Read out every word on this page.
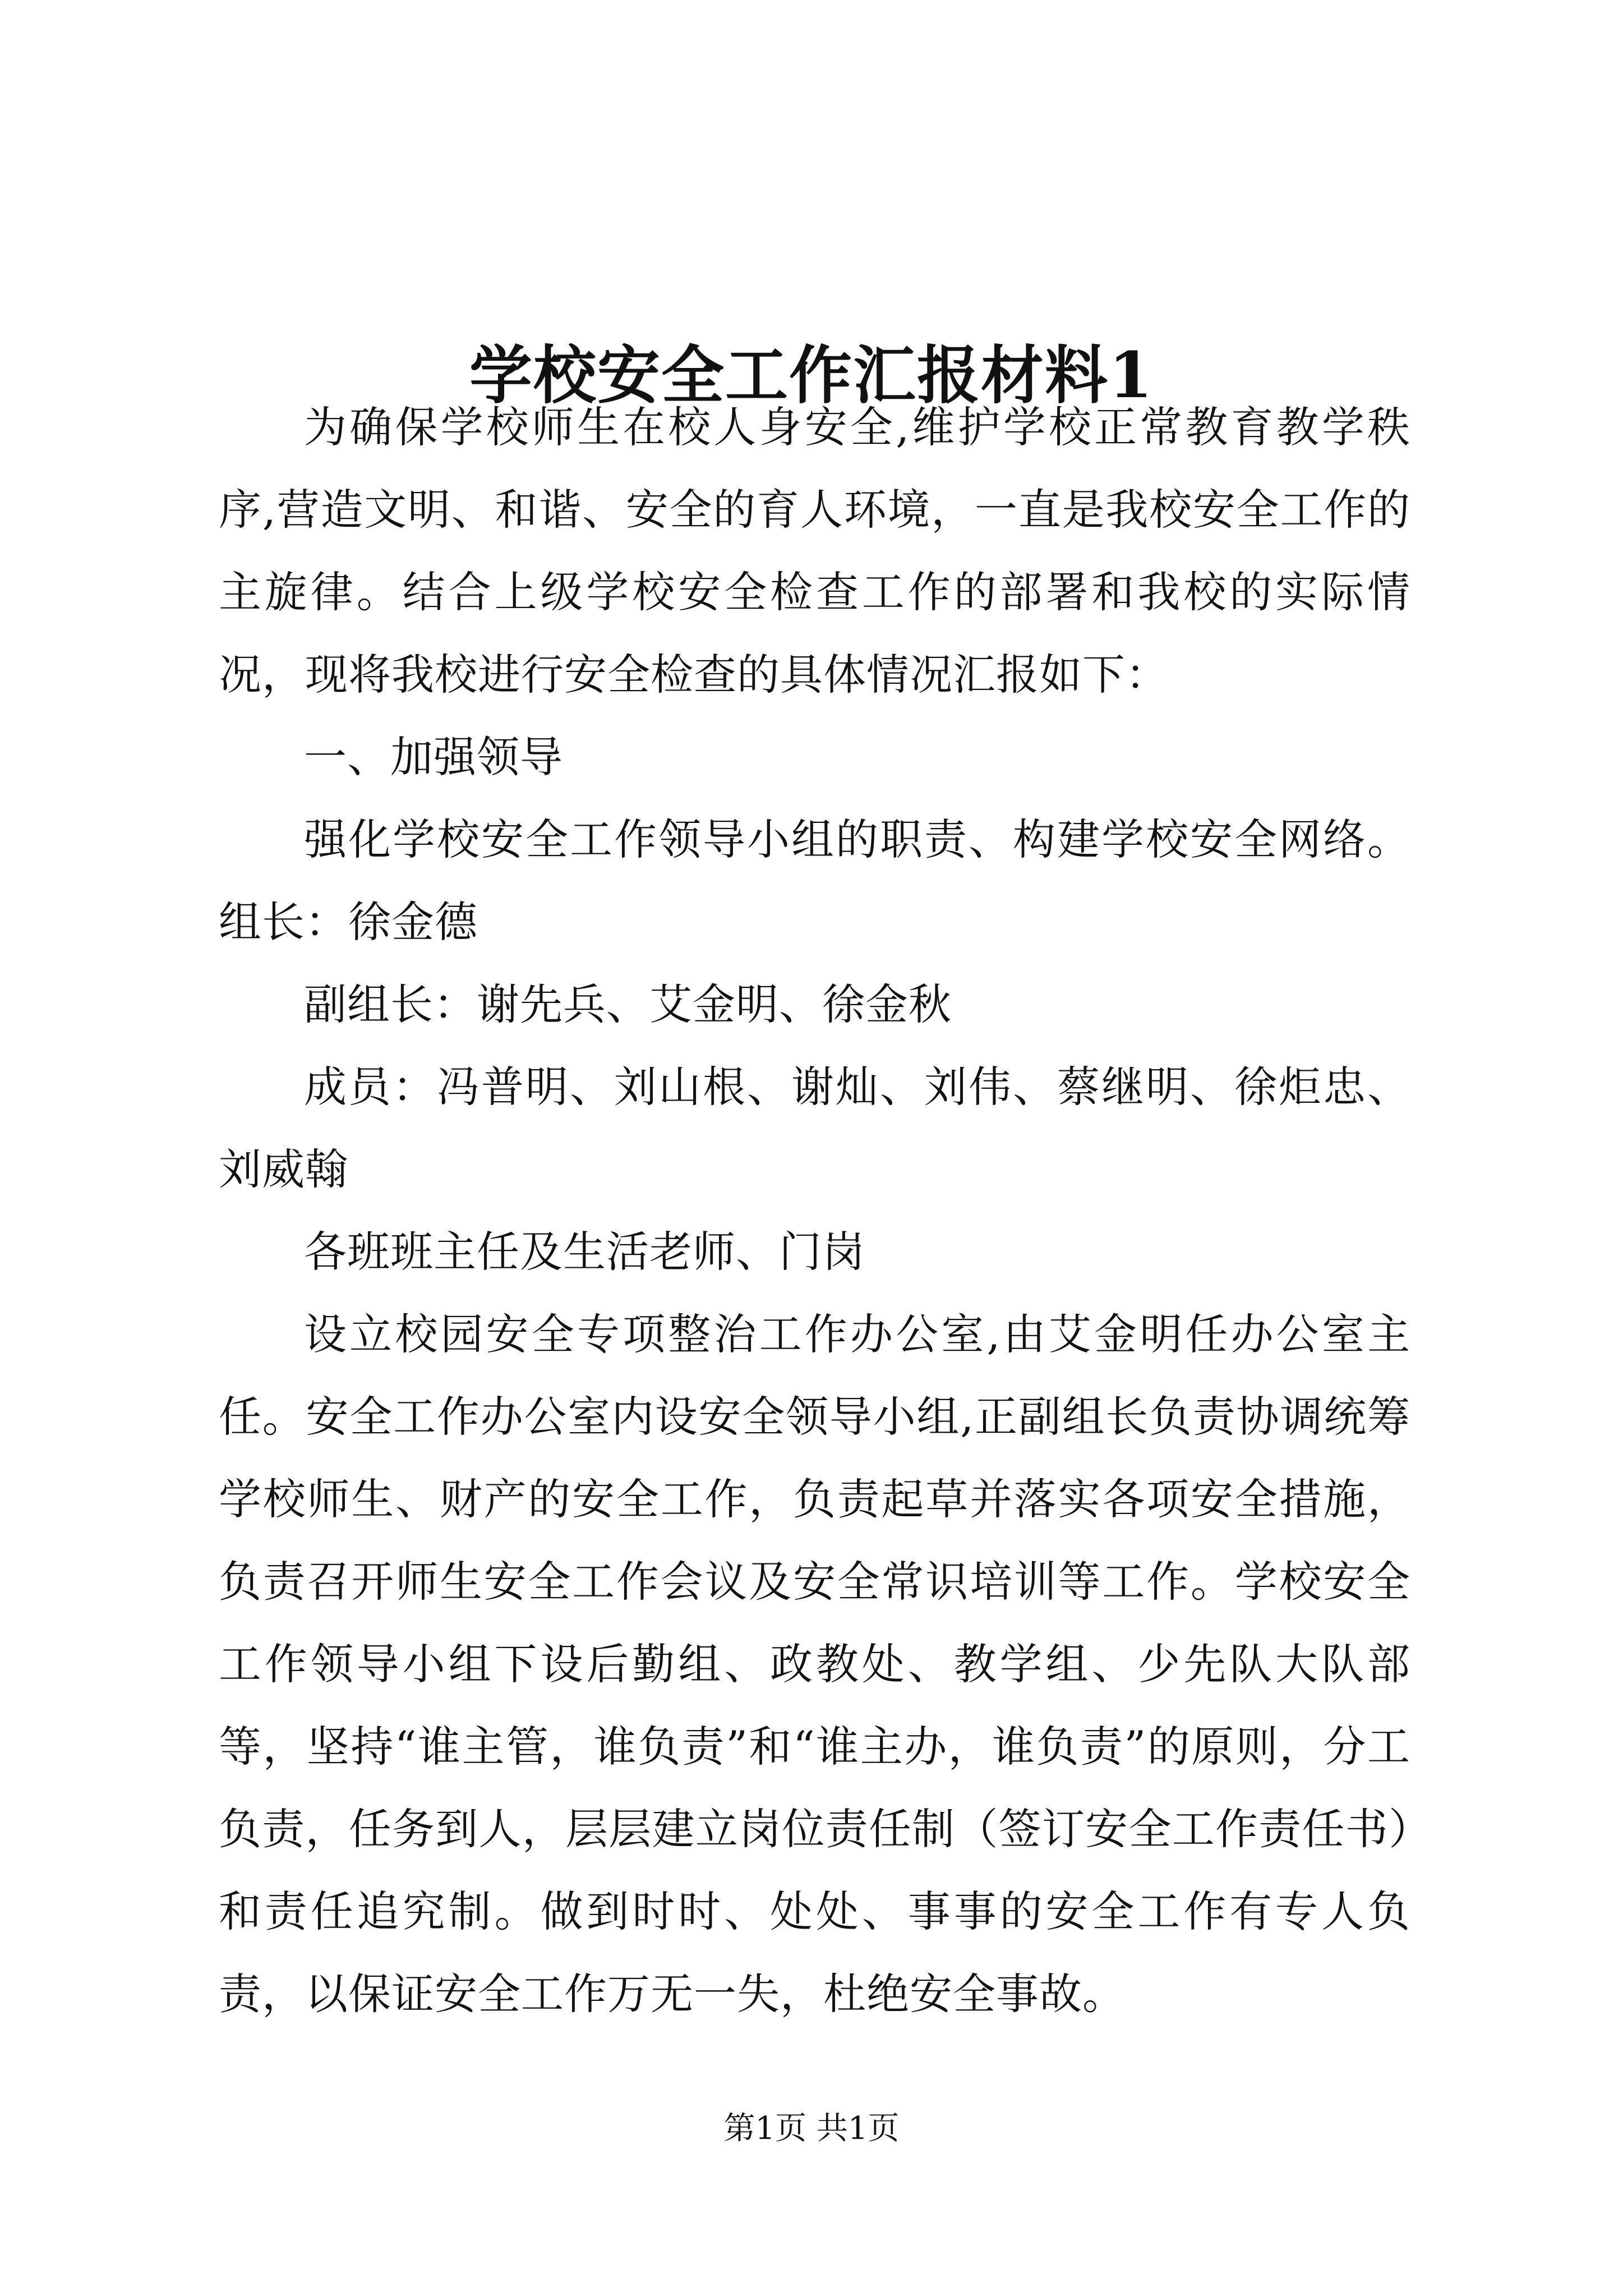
学校安全工作汇报材料1

为确保学校师生在校人身安全,维护学校正常教育教学秩序,营造文明、和谐、安全的育人环境，一直是我校安全工作的主旋律。结合上级学校安全检查工作的部署和我校的实际情况，现将我校进行安全检查的具体情况汇报如下：

一、加强领导

强化学校安全工作领导小组的职责、构建学校安全网络。组长：徐金德

副组长：谢先兵、艾金明、徐金秋

成员：冯普明、刘山根、谢灿、刘伟、蔡继明、徐炬忠、刘威翰

各班班主任及生活老师、门岗

设立校园安全专项整治工作办公室,由艾金明任办公室主任。安全工作办公室内设安全领导小组,正副组长负责协调统筹学校师生、财产的安全工作，负责起草并落实各项安全措施，负责召开师生安全工作会议及安全常识培训等工作。学校安全工作领导小组下设后勤组、政教处、教学组、少先队大队部等，坚持“谁主管，谁负责”和“谁主办，谁负责”的原则，分工负责，任务到人，层层建立岗位责任制（签订安全工作责任书）和责任追究制。做到时时、处处、事事的安全工作有专人负责，以保证安全工作万无一失，杜绝安全事故。

第1页 共1页
